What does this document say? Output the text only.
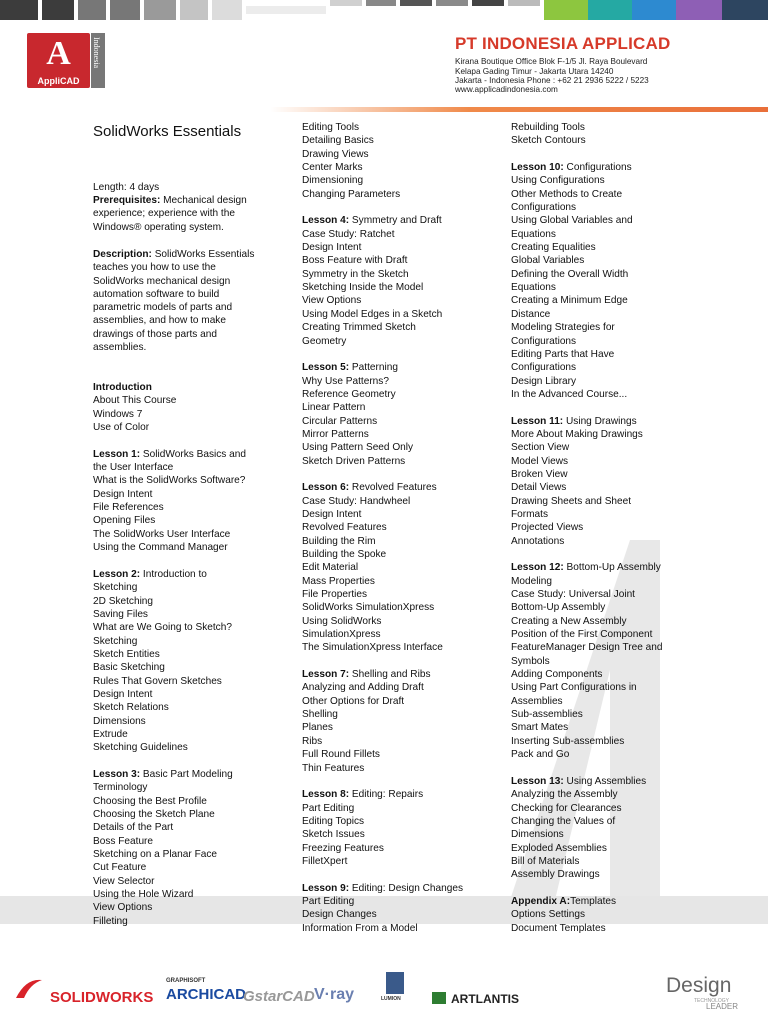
A
AppliCAD
Indonesia	PT INDONESIA APPLICAD
Kirana Boutique Office Blok F-1/5 Jl. Raya Boulevard
Kelapa Gading Timur - Jakarta Utara 14240
Jakarta - Indonesia Phone : +62 21 2936 5222 / 5223
www.applicadindonesia.com
SolidWorks Essentials
Length: 4 days
Prerequisites: Mechanical design
experience; experience with the
Windows® operating system.
Description: SolidWorks Essentials
teaches you how to use the
SolidWorks mechanical design
automation software to build
parametric models of parts and
assemblies, and how to make
drawings of those parts and
assemblies.
Introduction
About This Course
Windows 7
Use of Color
Lesson 1: SolidWorks Basics and
the User Interface
What is the SolidWorks Software?
Design Intent
File References
Opening Files
The SolidWorks User Interface
Using the Command Manager
Lesson 2: Introduction to
Sketching
2D Sketching
Saving Files
What are We Going to Sketch?
Sketching
Sketch Entities
Basic Sketching
Rules That Govern Sketches
Design Intent
Sketch Relations
Dimensions
Extrude
Sketching Guidelines
Lesson 3: Basic Part Modeling
Terminology
Choosing the Best Profile
Choosing the Sketch Plane
Details of the Part
Boss Feature
Sketching on a Planar Face
Cut Feature
View Selector
Using the Hole Wizard
View Options
Filleting
Editing Tools
Detailing Basics
Drawing Views
Center Marks
Dimensioning
Changing Parameters
Lesson 4: Symmetry and Draft
Case Study: Ratchet
Design Intent
Boss Feature with Draft
Symmetry in the Sketch
Sketching Inside the Model
View Options
Using Model Edges in a Sketch
Creating Trimmed Sketch
Geometry
Lesson 5: Patterning
Why Use Patterns?
Reference Geometry
Linear Pattern
Circular Patterns
Mirror Patterns
Using Pattern Seed Only
Sketch Driven Patterns
Lesson 6: Revolved Features
Case Study: Handwheel
Design Intent
Revolved Features
Building the Rim
Building the Spoke
Edit Material
Mass Properties
File Properties
SolidWorks SimulationXpress
Using SolidWorks
SimulationXpress
The SimulationXpress Interface
Lesson 7: Shelling and Ribs
Analyzing and Adding Draft
Other Options for Draft
Shelling
Planes
Ribs
Full Round Fillets
Thin Features
Lesson 8: Editing: Repairs
Part Editing
Editing Topics
Sketch Issues
Freezing Features
FilletXpert
Lesson 9: Editing: Design Changes
Part Editing
Design Changes
Information From a Model
Rebuilding Tools
Sketch Contours
Lesson 10: Configurations
Using Configurations
Other Methods to Create
Configurations
Using Global Variables and
Equations
Creating Equalities
Global Variables
Defining the Overall Width
Equations
Creating a Minimum Edge
Distance
Modeling Strategies for
Configurations
Editing Parts that Have
Configurations
Design Library
In the Advanced Course...
Lesson 11: Using Drawings
More About Making Drawings
Section View
Model Views
Broken View
Detail Views
Drawing Sheets and Sheet
Formats
Projected Views
Annotations
Lesson 12: Bottom-Up Assembly
Modeling
Case Study: Universal Joint
Bottom-Up Assembly
Creating a New Assembly
Position of the First Component
FeatureManager Design Tree and
Symbols
Adding Components
Using Part Configurations in
Assemblies
Sub-assemblies
Smart Mates
Inserting Sub-assemblies
Pack and Go
Lesson 13: Using Assemblies
Analyzing the Assembly
Checking for Clearances
Changing the Values of
Dimensions
Exploded Assemblies
Bill of Materials
Assembly Drawings
Appendix A:Templates
Options Settings
Document Templates
SOLIDWORKS
GRAPHISOFT
ARCHICAD
GstarCAD V·ray	LUMION	ARTLANTIS
Design
TECHNOLOGY
LEADER
